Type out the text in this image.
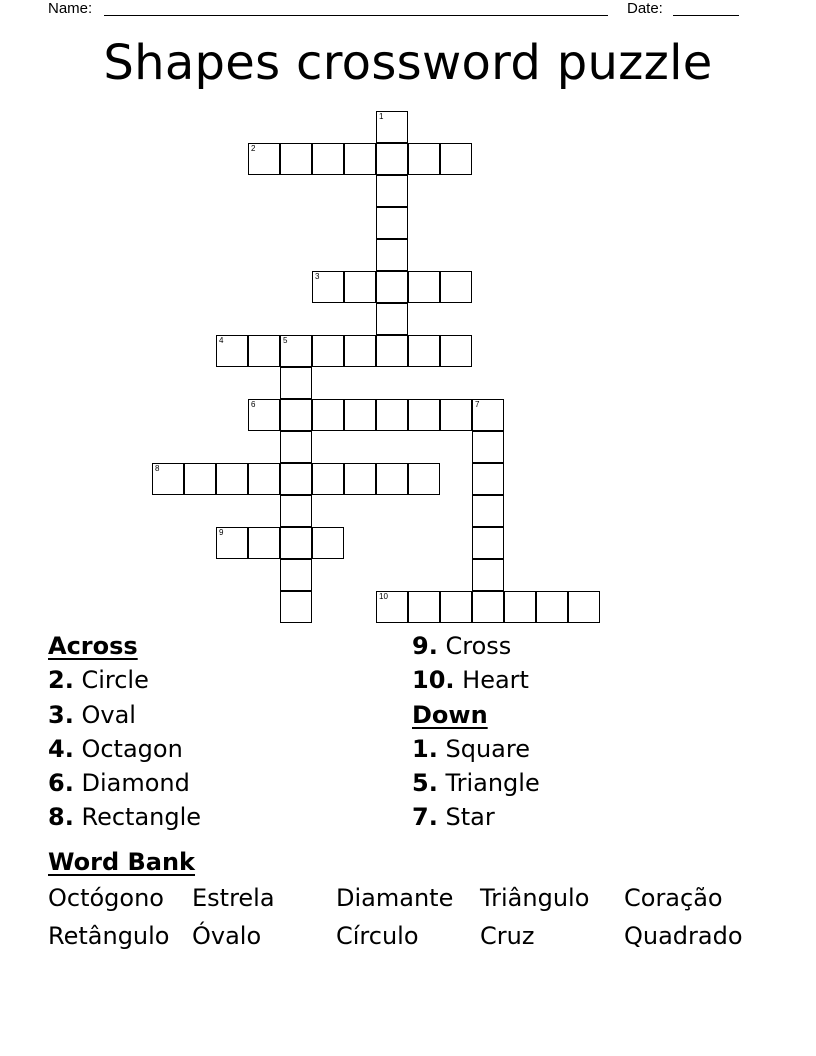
Name:	Date:
Shapes crossword puzzle
1
2
3
4	5
6	7
8
9
10
Across
2. Circle
3. Oval
4. Octagon
6. Diamond
8. Rectangle
9. Cross
10. Heart
Down
1. Square
5. Triangle
7. Star
Word Bank
Octógono Estrela	Diamante Triângulo Coração
Retângulo Óvalo	Círculo	Cruz	Quadrado
